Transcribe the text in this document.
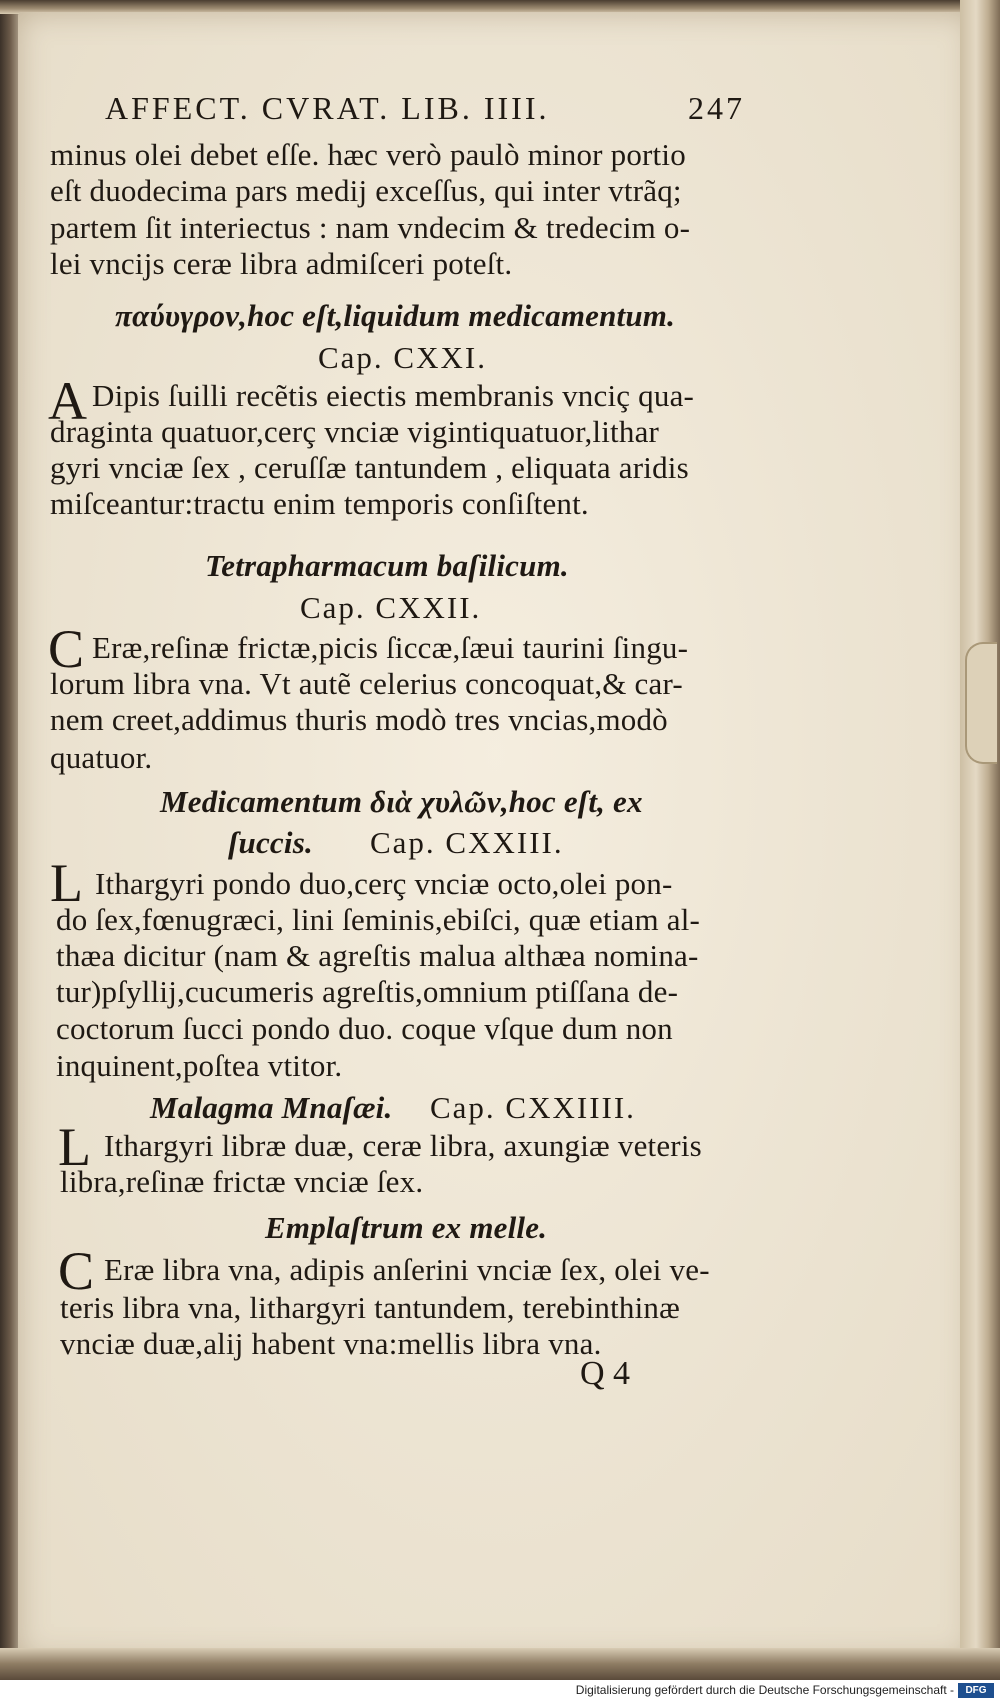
AFFECT. CVRAT. LIB. IIII.	247
minus olei debet eſſe. hæc verò paulò minor portio
eſt duodecima pars medij exceſſus, qui inter vtrãq;
partem ſit interiectus : nam vndecim & tredecim o-
lei vncijs ceræ libra admiſceri poteſt.
παύυγρον,hoc eſt,liquidum medicamentum.
Cap. CXXI.
A Dipis ſuilli recẽtis eiectis membranis vnciç qua-
draginta quatuor,cerç vnciæ vigintiquatuor,lithar
gyri vnciæ ſex , ceruſſæ tantundem , eliquata aridis
miſceantur:tractu enim temporis conſiſtent.
Tetrapharmacum baſilicum.
Cap. CXXII.
C Eræ,reſinæ frictæ,picis ſiccæ,ſæui taurini ſingu-
lorum libra vna. Vt autẽ celerius concoquat,& car-
nem creet,addimus thuris modò tres vncias,modò
quatuor.
Medicamentum διὰ χυλῶν,hoc eſt, ex
ſuccis. Cap. CXXIII.
L Ithargyri pondo duo,cerç vnciæ octo,olei pon-
do ſex,fœnugræci, lini ſeminis,ebiſci, quæ etiam al-
thæa dicitur (nam & agreſtis malua althæa nomina-
tur)pſyllij,cucumeris agreſtis,omnium ptiſſana de-
coctorum ſucci pondo duo. coque vſque dum non
inquinent,poſtea vtitor.
Malagma Mnaſæi. Cap. CXXIIII.
L Ithargyri libræ duæ, ceræ libra, axungiæ veteris
libra,reſinæ frictæ vnciæ ſex.
Emplaſtrum ex melle.
C Eræ libra vna, adipis anſerini vnciæ ſex, olei ve-
teris libra vna, lithargyri tantundem, terebinthinæ
vnciæ duæ,alij habent vna:mellis libra vna.
Q 4
Digitalisierung gefördert durch die Deutsche Forschungsgemeinschaft -	DFG
